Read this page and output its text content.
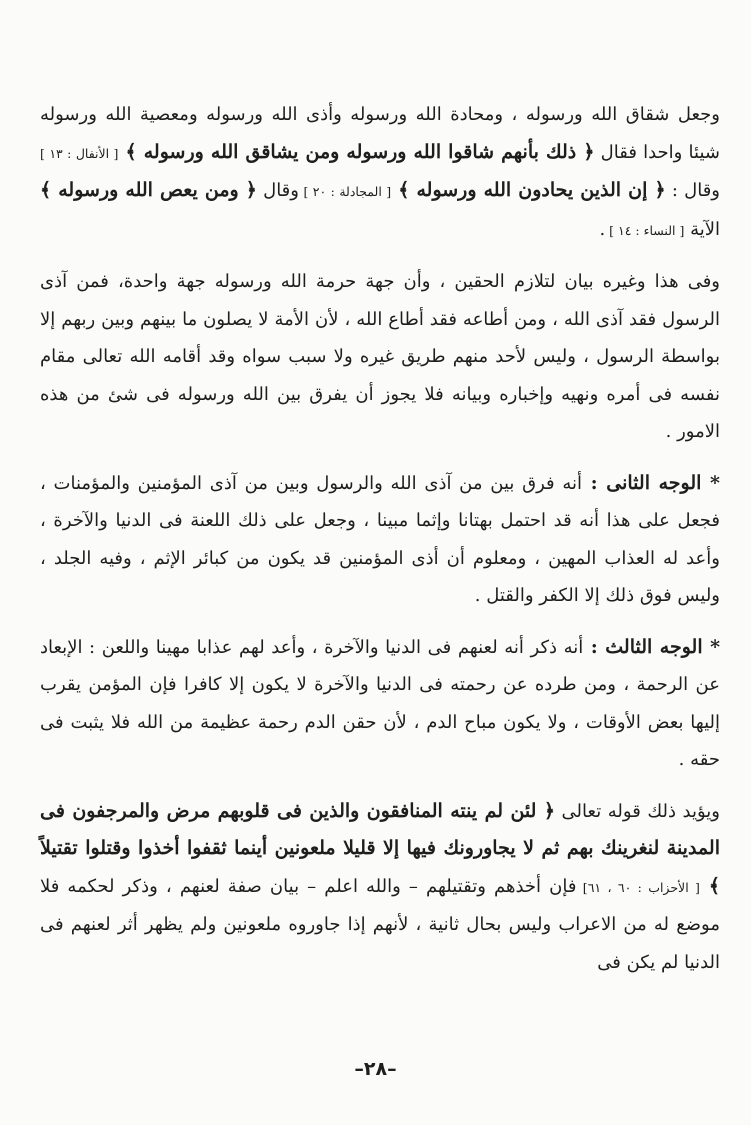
وجعل شقاق الله ورسوله ، ومحادة الله ورسوله وأذى الله ورسوله ومعصية الله ورسوله شيئا واحدا فقال ﴿ ذلك بأنهم شاقوا الله ورسوله ومن يشاقق الله ورسوله ﴾ [ الأنفال : ١٣ ] وقال : ﴿ إن الذين يحادون الله ورسوله ﴾ [ المجادلة : ٢٠ ] وقال ﴿ ومن يعص الله ورسوله ﴾ الآية [ النساء : ١٤ ] .

وفى هذا وغيره بيان لتلازم الحقين ، وأن جهة حرمة الله ورسوله جهة واحدة، فمن آذى الرسول فقد آذى الله ، ومن أطاعه فقد أطاع الله ، لأن الأمة لا يصلون ما بينهم وبين ربهم إلا بواسطة الرسول ، وليس لأحد منهم طريق غيره ولا سبب سواه وقد أقامه الله تعالى مقام نفسه فى أمره ونهيه وإخباره وبيانه فلا يجوز أن يفرق بين الله ورسوله فى شئ من هذه الامور .

* الوجه الثانى : أنه فرق بين من آذى الله والرسول وبين من آذى المؤمنين والمؤمنات ، فجعل على هذا أنه قد احتمل بهتانا وإثما مبينا ، وجعل على ذلك اللعنة فى الدنيا والآخرة ، وأعد له العذاب المهين ، ومعلوم أن أذى المؤمنين قد يكون من كبائر الإثم ، وفيه الجلد ، وليس فوق ذلك إلا الكفر والقتل .

* الوجه الثالث : أنه ذكر أنه لعنهم فى الدنيا والآخرة ، وأعد لهم عذابا مهينا واللعن : الإبعاد عن الرحمة ، ومن طرده عن رحمته فى الدنيا والآخرة لا يكون إلا كافرا فإن المؤمن يقرب إليها بعض الأوقات ، ولا يكون مباح الدم ، لأن حقن الدم رحمة عظيمة من الله فلا يثبت فى حقه .

ويؤيد ذلك قوله تعالى ﴿ لئن لم ينته المنافقون والذين فى قلوبهم مرض والمرجفون فى المدينة لنغرينك بهم ثم لا يجاورونك فيها إلا قليلا ملعونين أينما ثقفوا أخذوا وقتلوا تقتيلاً ﴾ [ الأحزاب : ٦٠ ، ٦١] فإن أخذهم وتقتيلهم – والله اعلم – بيان صفة لعنهم ، وذكر لحكمه فلا موضع له من الاعراب وليس بحال ثانية ، لأنهم إذا جاوروه ملعونين ولم يظهر أثر لعنهم فى الدنيا لم يكن فى

–٢٨–
